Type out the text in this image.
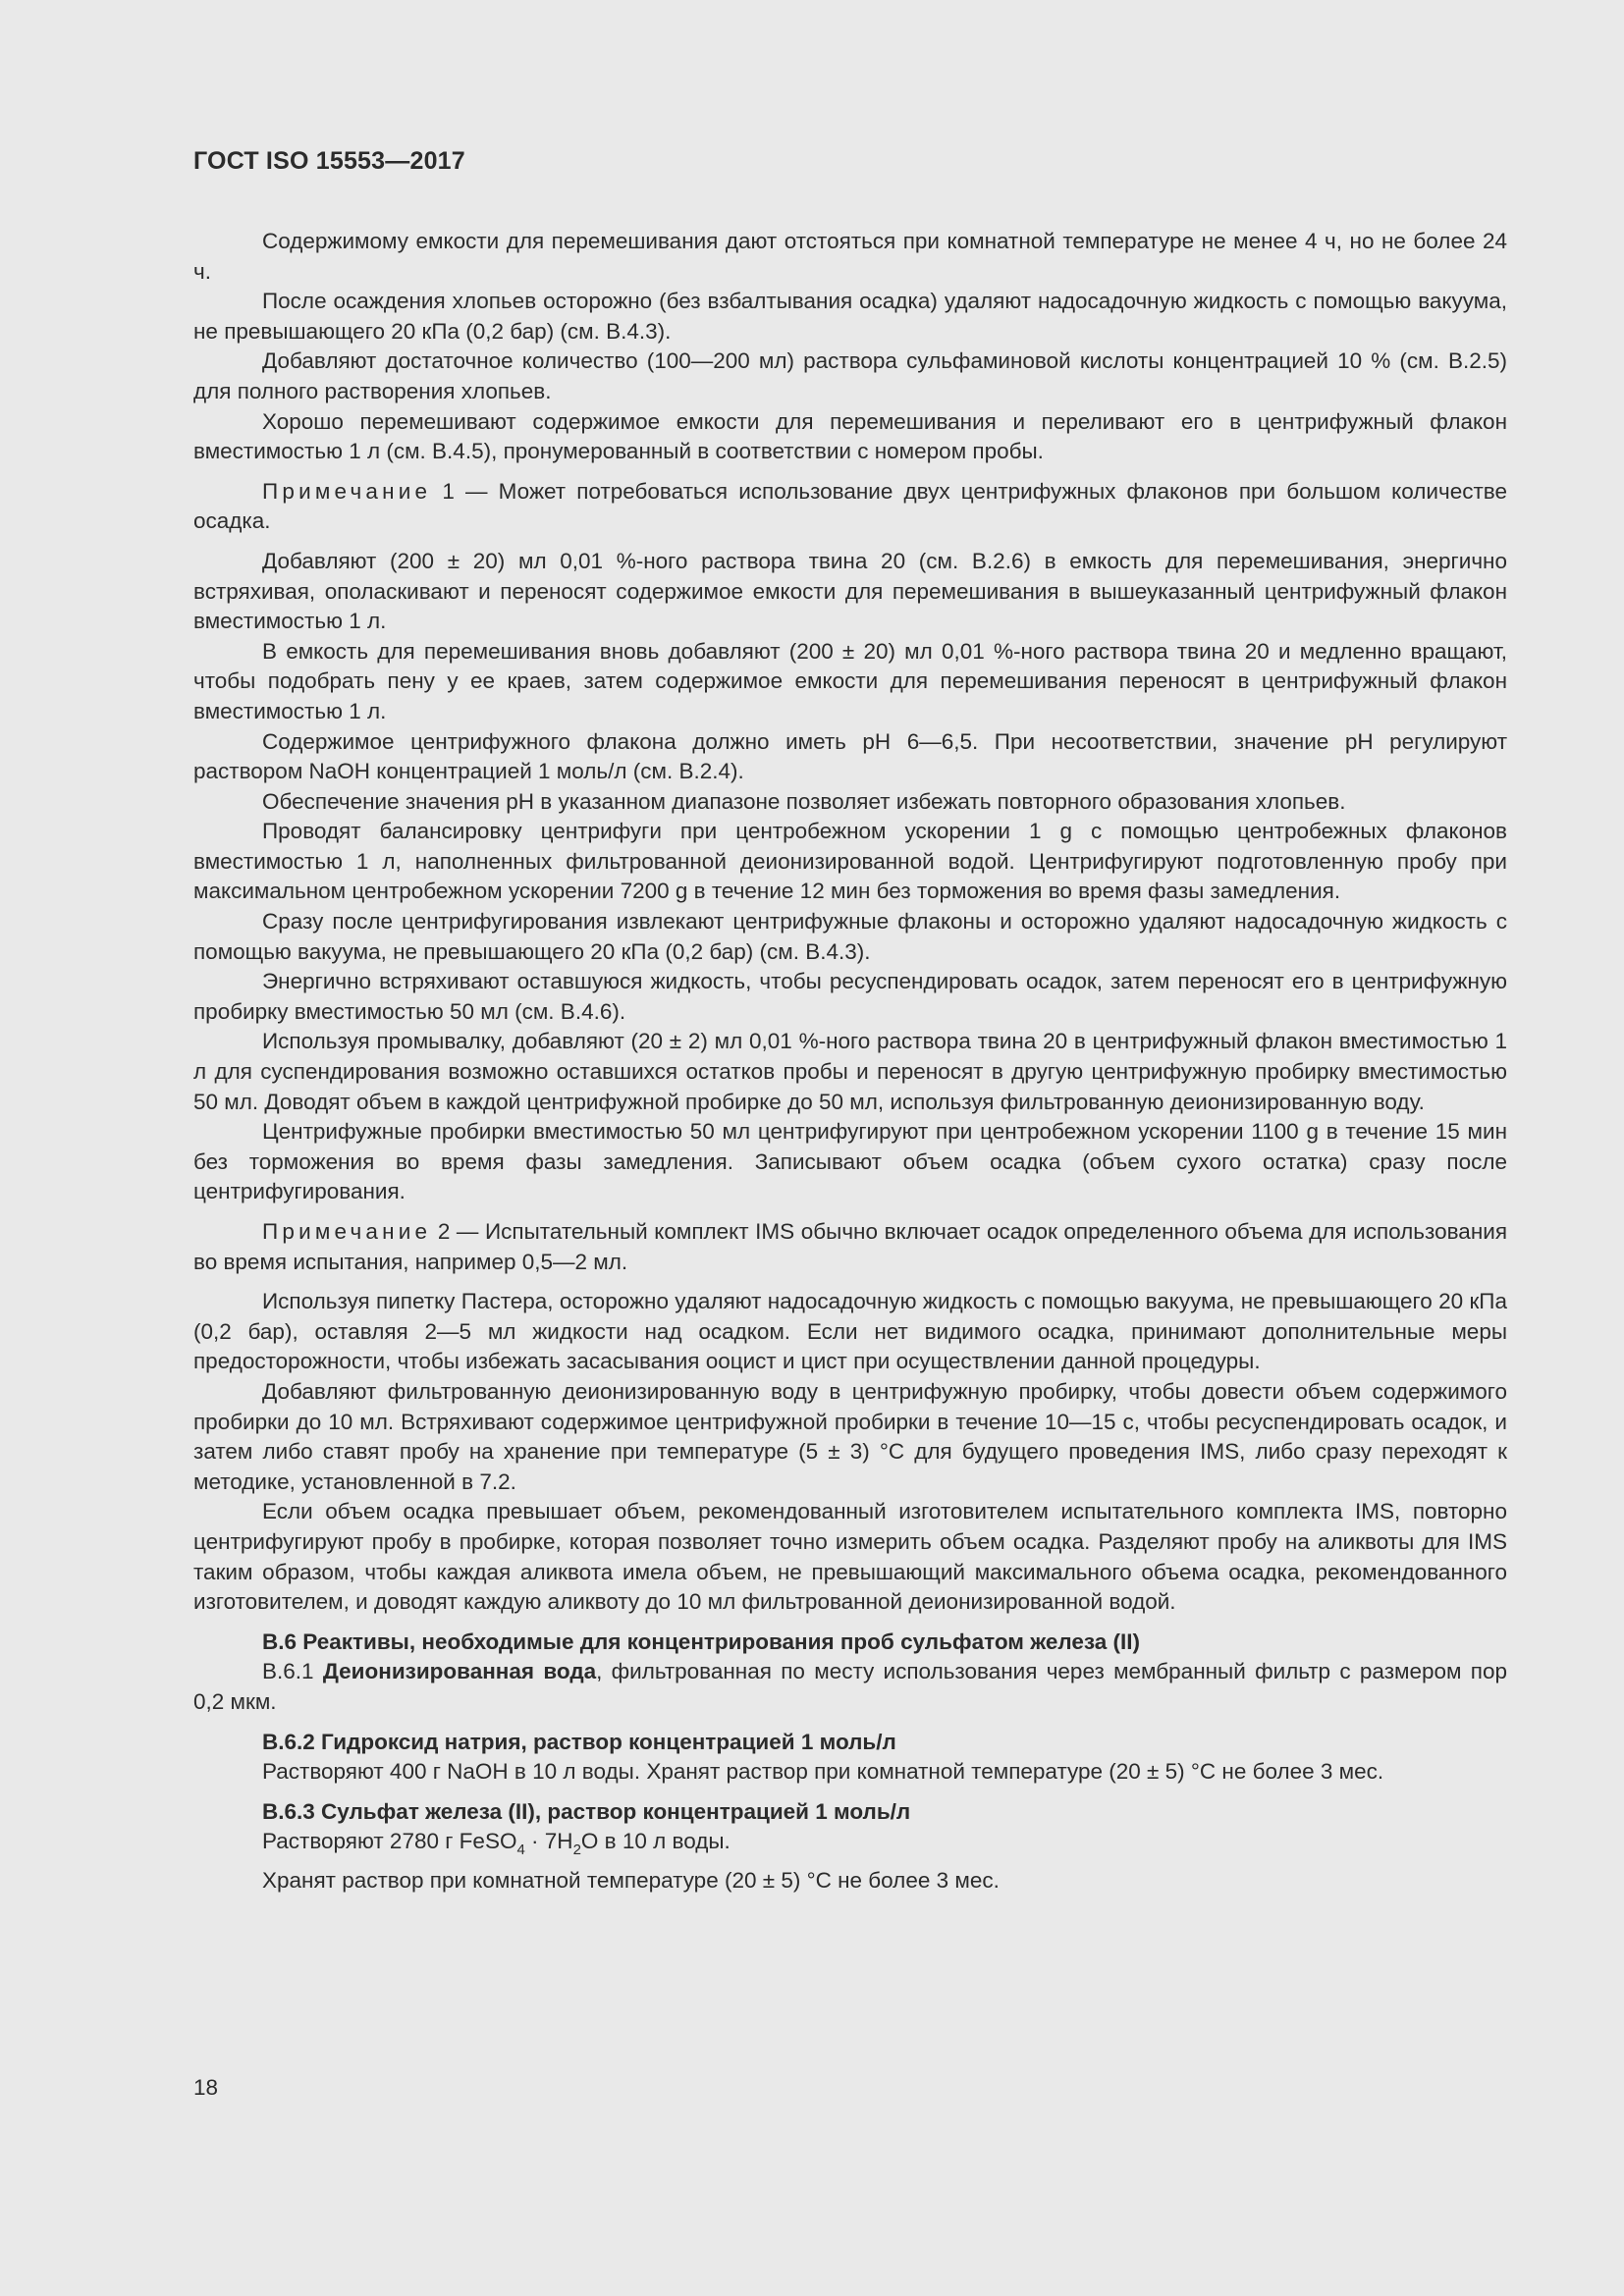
ГОСТ ISO 15553—2017

Содержимому емкости для перемешивания дают отстояться при комнатной температуре не менее 4 ч, но не более 24 ч.

После осаждения хлопьев осторожно (без взбалтывания осадка) удаляют надосадочную жидкость с помощью вакуума, не превышающего 20 кПа (0,2 бар) (см. В.4.3).

Добавляют достаточное количество (100—200 мл) раствора сульфаминовой кислоты концентрацией 10 % (см. В.2.5) для полного растворения хлопьев.

Хорошо перемешивают содержимое емкости для перемешивания и переливают его в центрифужный флакон вместимостью 1 л (см. В.4.5), пронумерованный в соответствии с номером пробы.

Примечание 1 — Может потребоваться использование двух центрифужных флаконов при большом количестве осадка.

Добавляют (200 ± 20) мл 0,01 %-ного раствора твина 20 (см. В.2.6) в емкость для перемешивания, энергично встряхивая, ополаскивают и переносят содержимое емкости для перемешивания в вышеуказанный центрифужный флакон вместимостью 1 л.

В емкость для перемешивания вновь добавляют (200 ± 20) мл 0,01 %-ного раствора твина 20 и медленно вращают, чтобы подобрать пену у ее краев, затем содержимое емкости для перемешивания переносят в центрифужный флакон вместимостью 1 л.

Содержимое центрифужного флакона должно иметь pH 6—6,5. При несоответствии, значение pH регулируют раствором NaOH концентрацией 1 моль/л (см. В.2.4).

Обеспечение значения pH в указанном диапазоне позволяет избежать повторного образования хлопьев.

Проводят балансировку центрифуги при центробежном ускорении 1 g с помощью центробежных флаконов вместимостью 1 л, наполненных фильтрованной деионизированной водой. Центрифугируют подготовленную пробу при максимальном центробежном ускорении 7200 g в течение 12 мин без торможения во время фазы замедления.

Сразу после центрифугирования извлекают центрифужные флаконы и осторожно удаляют надосадочную жидкость с помощью вакуума, не превышающего 20 кПа (0,2 бар) (см. В.4.3).

Энергично встряхивают оставшуюся жидкость, чтобы ресуспендировать осадок, затем переносят его в центрифужную пробирку вместимостью 50 мл (см. В.4.6).

Используя промывалку, добавляют (20 ± 2) мл 0,01 %-ного раствора твина 20 в центрифужный флакон вместимостью 1 л для суспендирования возможно оставшихся остатков пробы и переносят в другую центрифужную пробирку вместимостью 50 мл. Доводят объем в каждой центрифужной пробирке до 50 мл, используя фильтрованную деионизированную воду.

Центрифужные пробирки вместимостью 50 мл центрифугируют при центробежном ускорении 1100 g в течение 15 мин без торможения во время фазы замедления. Записывают объем осадка (объем сухого остатка) сразу после центрифугирования.

Примечание 2 — Испытательный комплект IMS обычно включает осадок определенного объема для использования во время испытания, например 0,5—2 мл.

Используя пипетку Пастера, осторожно удаляют надосадочную жидкость с помощью вакуума, не превышающего 20 кПа (0,2 бар), оставляя 2—5 мл жидкости над осадком. Если нет видимого осадка, принимают дополнительные меры предосторожности, чтобы избежать засасывания ооцист и цист при осуществлении данной процедуры.

Добавляют фильтрованную деионизированную воду в центрифужную пробирку, чтобы довести объем содержимого пробирки до 10 мл. Встряхивают содержимое центрифужной пробирки в течение 10—15 с, чтобы ресуспендировать осадок, и затем либо ставят пробу на хранение при температуре (5 ± 3) °С для будущего проведения IMS, либо сразу переходят к методике, установленной в 7.2.

Если объем осадка превышает объем, рекомендованный изготовителем испытательного комплекта IMS, повторно центрифугируют пробу в пробирке, которая позволяет точно измерить объем осадка. Разделяют пробу на аликвоты для IMS таким образом, чтобы каждая аликвота имела объем, не превышающий максимального объема осадка, рекомендованного изготовителем, и доводят каждую аликвоту до 10 мл фильтрованной деионизированной водой.

В.6 Реактивы, необходимые для концентрирования проб сульфатом железа (II)

В.6.1 Деионизированная вода, фильтрованная по месту использования через мембранный фильтр с размером пор 0,2 мкм.

В.6.2 Гидроксид натрия, раствор концентрацией 1 моль/л

Растворяют 400 г NaOH в 10 л воды. Хранят раствор при комнатной температуре (20 ± 5) °С не более 3 мес.

В.6.3 Сульфат железа (II), раствор концентрацией 1 моль/л

Растворяют 2780 г FeSO$_4$ · $7H_2O$ в 10 л воды.

Хранят раствор при комнатной температуре (20 ± 5) °С не более 3 мес.

18
